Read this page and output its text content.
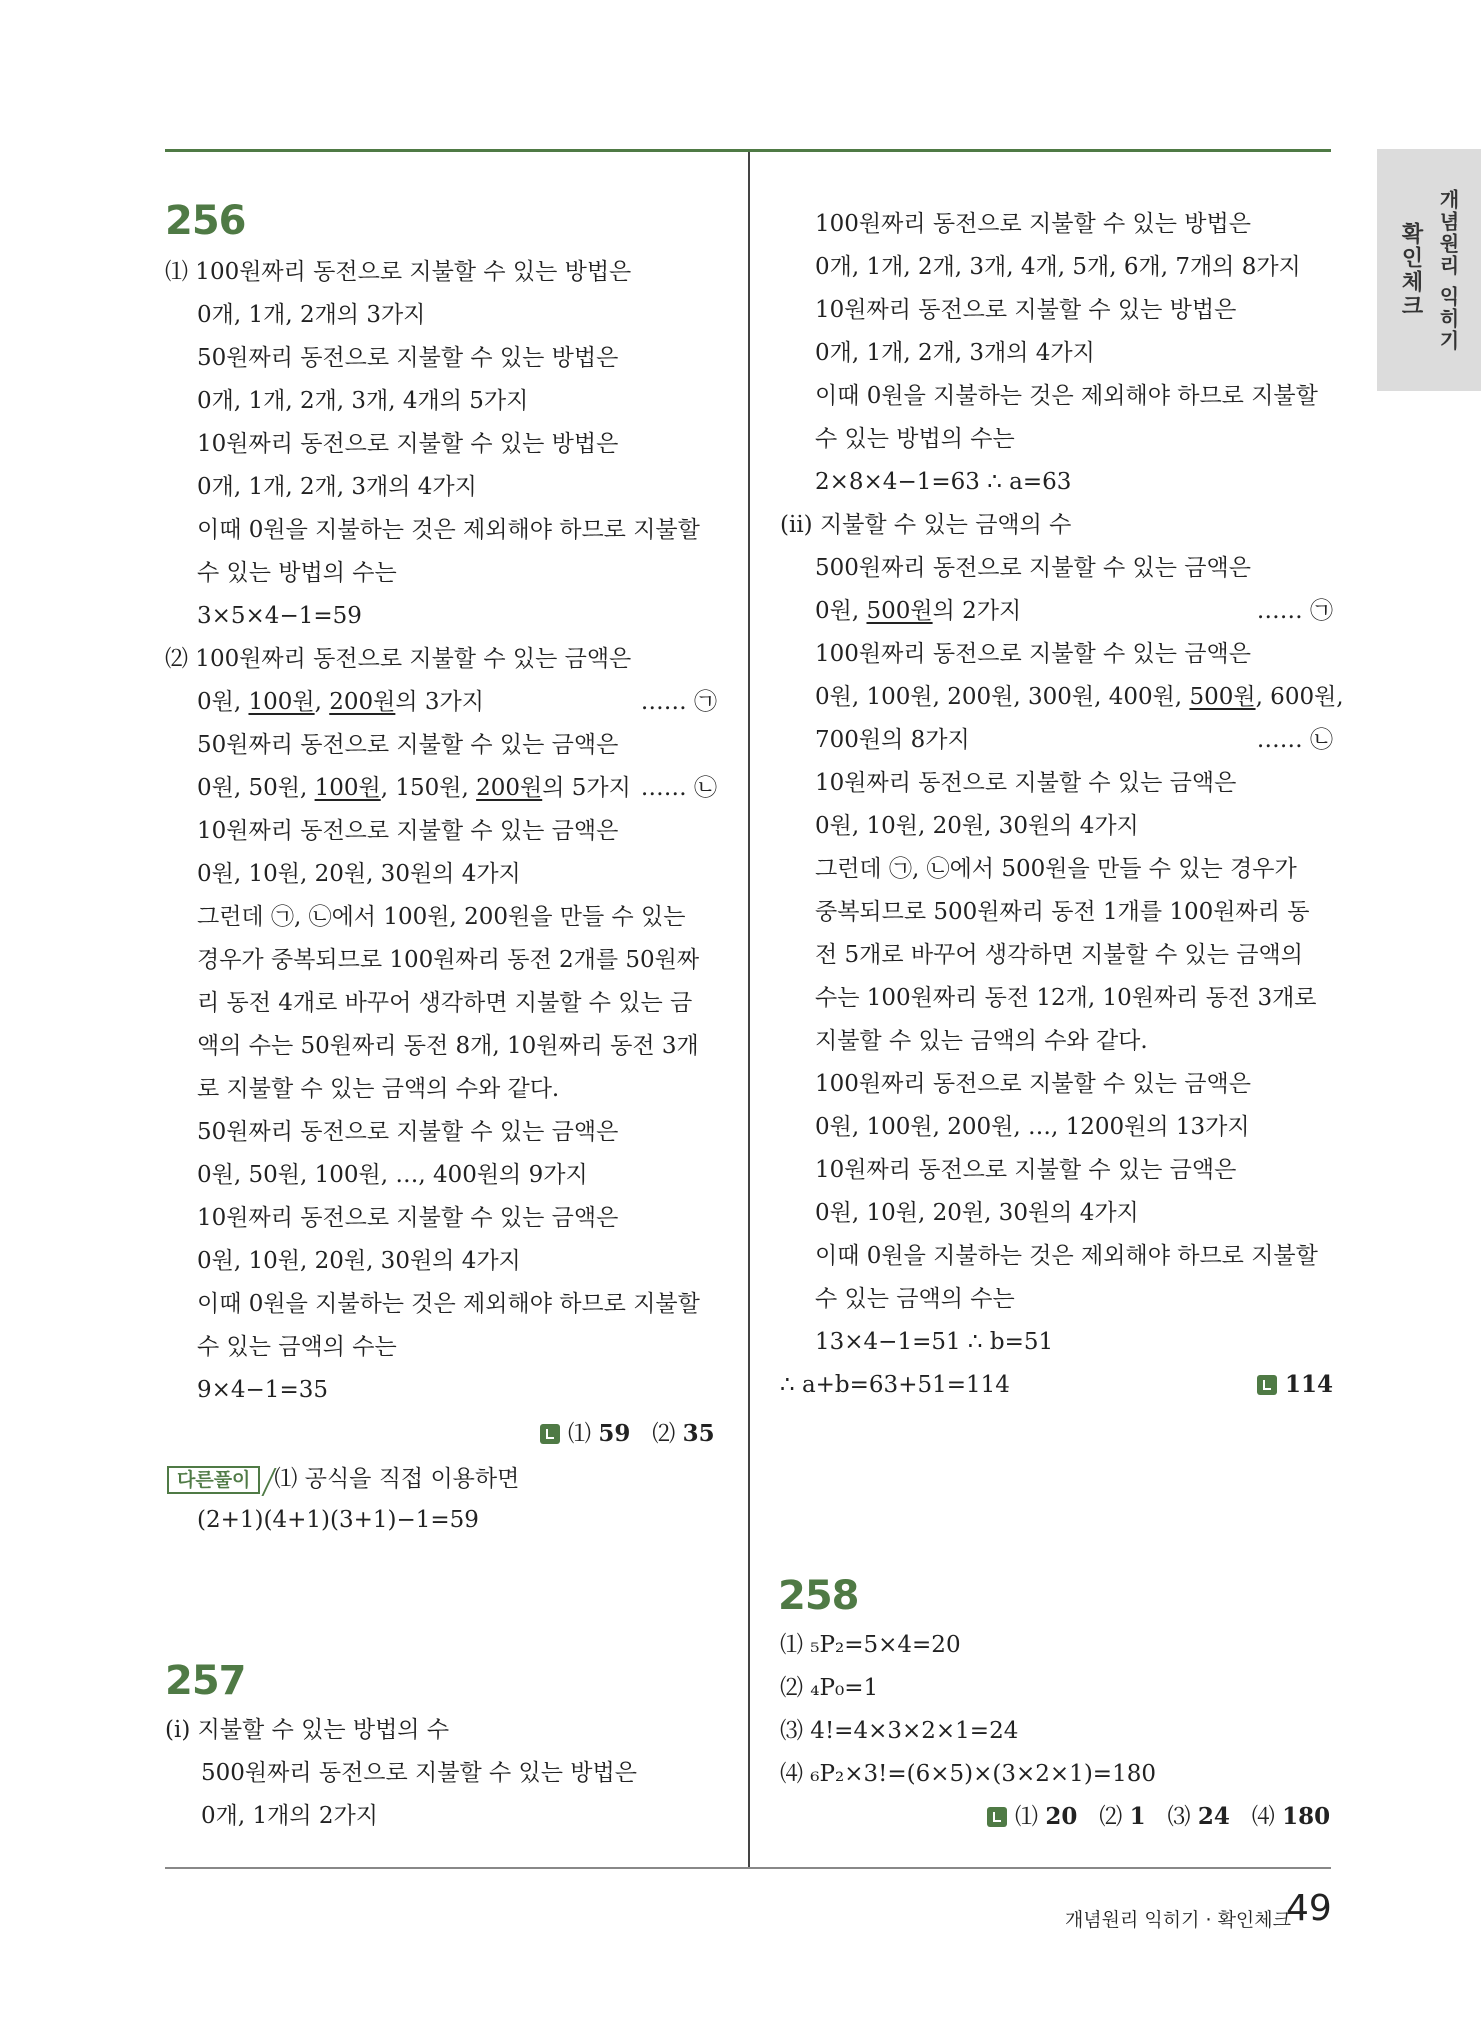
확인체크 개념원리 익히기
256
⑴ 100원짜리 동전으로 지불할 수 있는 방법은
0개, 1개, 2개의 3가지
50원짜리 동전으로 지불할 수 있는 방법은
0개, 1개, 2개, 3개, 4개의 5가지
10원짜리 동전으로 지불할 수 있는 방법은
0개, 1개, 2개, 3개의 4가지
이때 0원을 지불하는 것은 제외해야 하므로 지불할
수 있는 방법의 수는
3×5×4−1=59
⑵ 100원짜리 동전으로 지불할 수 있는 금액은
0원, 100원, 200원의 3가지	…… ㉠
50원짜리 동전으로 지불할 수 있는 금액은
0원, 50원, 100원, 150원, 200원의 5가지 …… ㉡
10원짜리 동전으로 지불할 수 있는 금액은
0원, 10원, 20원, 30원의 4가지
그런데 ㉠, ㉡에서 100원, 200원을 만들 수 있는
경우가 중복되므로 100원짜리 동전 2개를 50원짜
리 동전 4개로 바꾸어 생각하면 지불할 수 있는 금
액의 수는 50원짜리 동전 8개, 10원짜리 동전 3개
로 지불할 수 있는 금액의 수와 같다.
50원짜리 동전으로 지불할 수 있는 금액은
0원, 50원, 100원, …, 400원의 9가지
10원짜리 동전으로 지불할 수 있는 금액은
0원, 10원, 20원, 30원의 4가지
이때 0원을 지불하는 것은 제외해야 하므로 지불할
수 있는 금액의 수는
9×4−1=35
⑴ 59 ⑵ 35
다른풀이 ⑴ 공식을 직접 이용하면
(2+1)(4+1)(3+1)−1=59
257
(ⅰ) 지불할 수 있는 방법의 수
500원짜리 동전으로 지불할 수 있는 방법은
0개, 1개의 2가지
100원짜리 동전으로 지불할 수 있는 방법은
0개, 1개, 2개, 3개, 4개, 5개, 6개, 7개의 8가지
10원짜리 동전으로 지불할 수 있는 방법은
0개, 1개, 2개, 3개의 4가지
이때 0원을 지불하는 것은 제외해야 하므로 지불할
수 있는 방법의 수는
2×8×4−1=63 ∴ a=63
(ⅱ) 지불할 수 있는 금액의 수
500원짜리 동전으로 지불할 수 있는 금액은
0원, 500원의 2가지	…… ㉠
100원짜리 동전으로 지불할 수 있는 금액은
0원, 100원, 200원, 300원, 400원, 500원, 600원,
700원의 8가지	…… ㉡
10원짜리 동전으로 지불할 수 있는 금액은
0원, 10원, 20원, 30원의 4가지
그런데 ㉠, ㉡에서 500원을 만들 수 있는 경우가
중복되므로 500원짜리 동전 1개를 100원짜리 동
전 5개로 바꾸어 생각하면 지불할 수 있는 금액의
수는 100원짜리 동전 12개, 10원짜리 동전 3개로
지불할 수 있는 금액의 수와 같다.
100원짜리 동전으로 지불할 수 있는 금액은
0원, 100원, 200원, …, 1200원의 13가지
10원짜리 동전으로 지불할 수 있는 금액은
0원, 10원, 20원, 30원의 4가지
이때 0원을 지불하는 것은 제외해야 하므로 지불할
수 있는 금액의 수는
13×4−1=51 ∴ b=51
∴ a+b=63+51=114	114
258
⑴ ₅P₂=5×4=20
⑵ ₄P₀=1
⑶ 4!=4×3×2×1=24
⑷ ₆P₂×3!=(6×5)×(3×2×1)=180
⑴ 20 ⑵ 1 ⑶ 24 ⑷ 180
개념원리 익히기 · 확인체크
49
